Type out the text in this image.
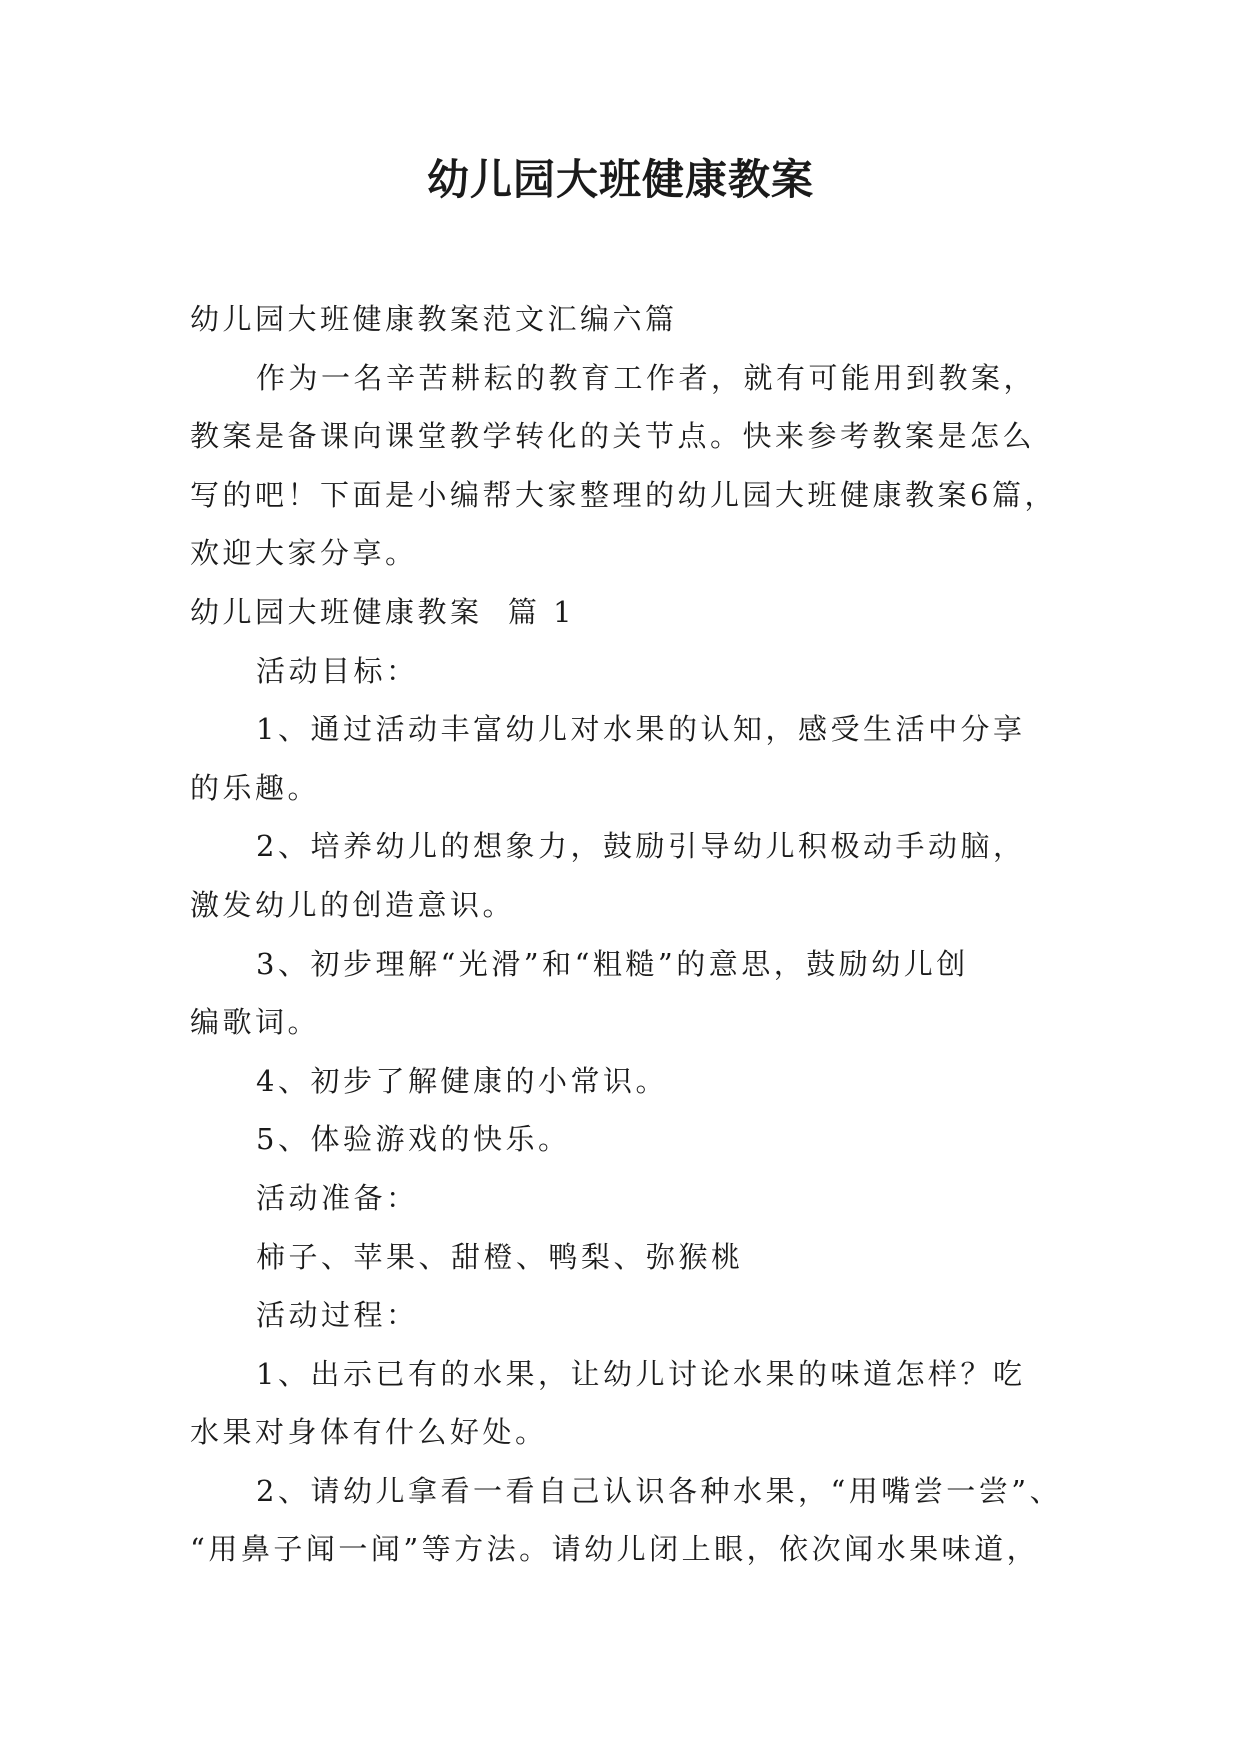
幼儿园大班健康教案
幼儿园大班健康教案范文汇编六篇
作为一名辛苦耕耘的教育工作者，就有可能用到教案，
教案是备课向课堂教学转化的关节点。快来参考教案是怎么
写的吧！下面是小编帮大家整理的幼儿园大班健康教案6篇，
欢迎大家分享。
幼儿园大班健康教案  篇 1
活动目标：
1、通过活动丰富幼儿对水果的认知，感受生活中分享
的乐趣。
2、培养幼儿的想象力，鼓励引导幼儿积极动手动脑，
激发幼儿的创造意识。
3、初步理解“光滑”和“粗糙”的意思，鼓励幼儿创
编歌词。
4、初步了解健康的小常识。
5、体验游戏的快乐。
活动准备：
柿子、苹果、甜橙、鸭梨、弥猴桃
活动过程：
1、出示已有的水果，让幼儿讨论水果的味道怎样？吃
水果对身体有什么好处。
2、请幼儿拿看一看自己认识各种水果，“用嘴尝一尝”、
“用鼻子闻一闻”等方法。请幼儿闭上眼，依次闻水果味道，
